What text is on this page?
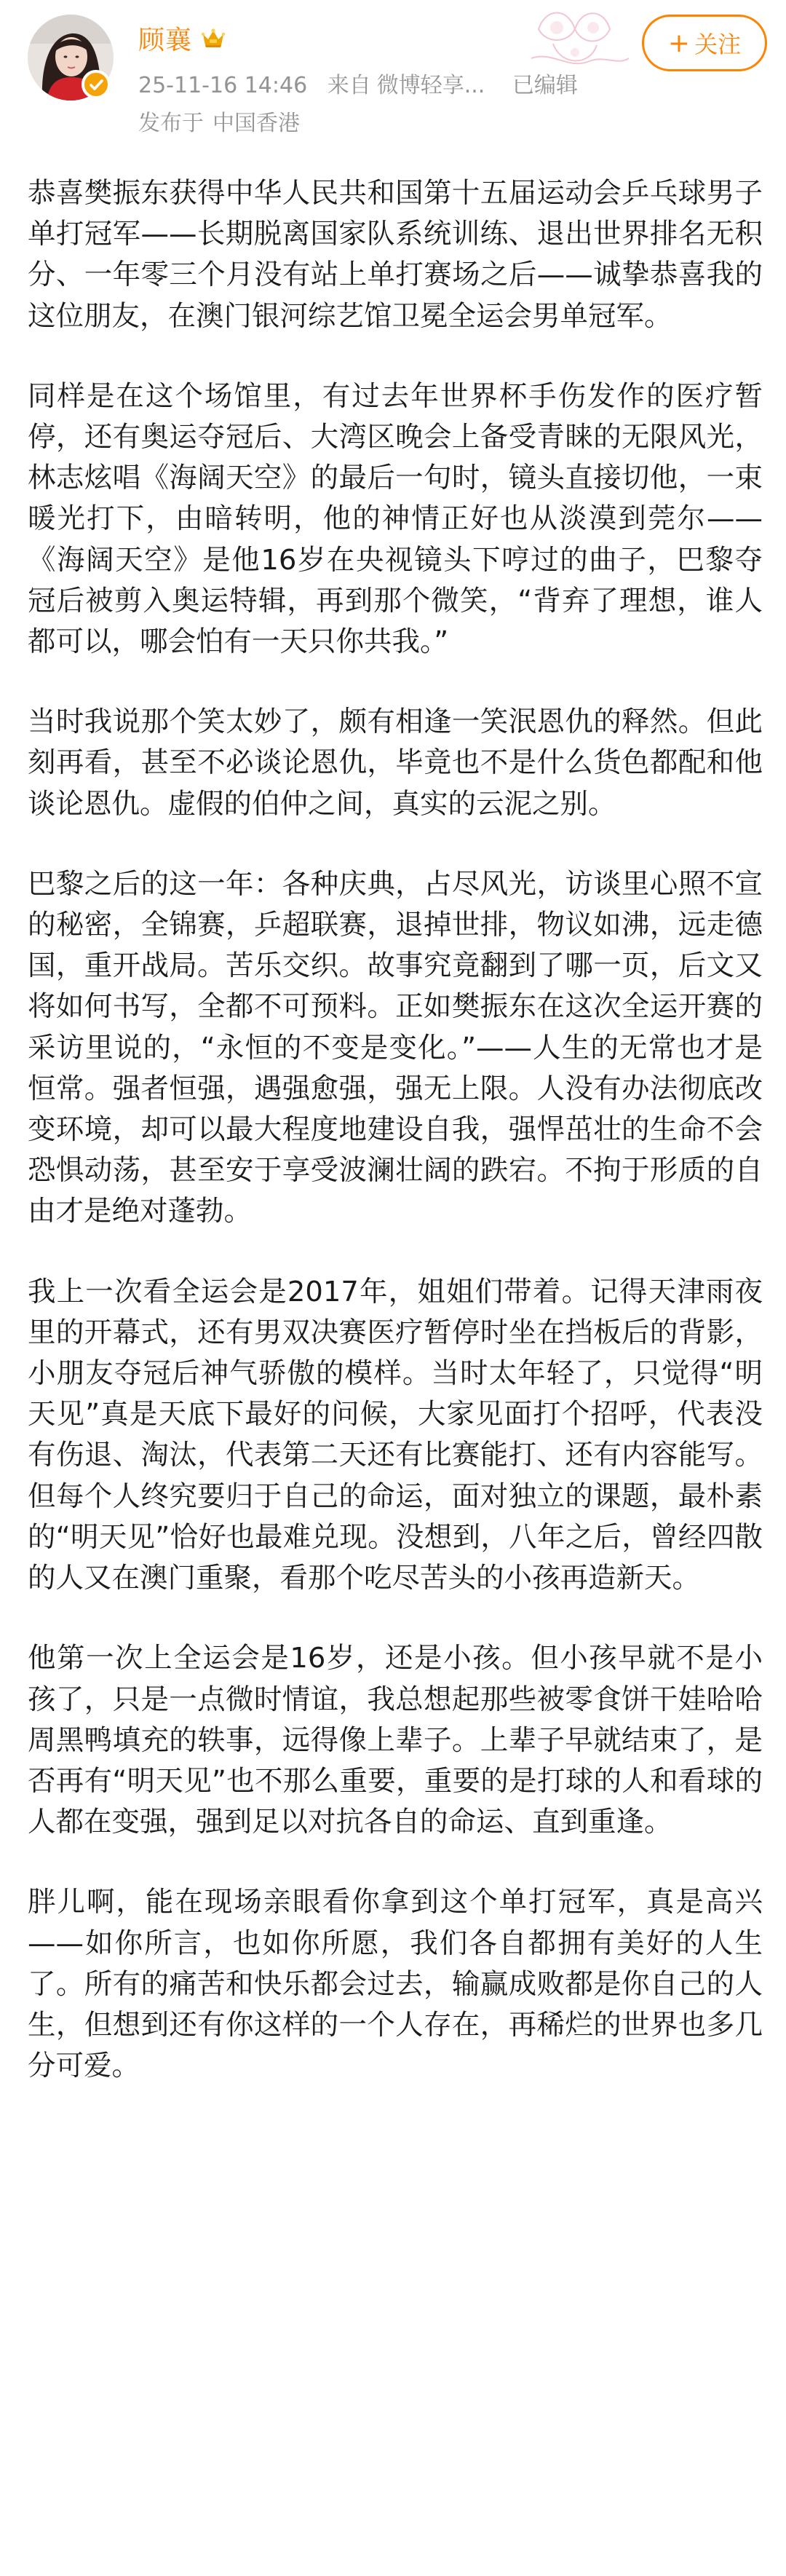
顾襄
25-11-16 14:46 来自 微博轻享... 已编辑
发布于 中国香港
+ 关注

恭喜樊振东获得中华人民共和国第十五届运动会乒乓球男子单打冠军——长期脱离国家队系统训练、退出世界排名无积分、一年零三个月没有站上单打赛场之后——诚挚恭喜我的这位朋友，在澳门银河综艺馆卫冕全运会男单冠军。

同样是在这个场馆里，有过去年世界杯手伤发作的医疗暂停，还有奥运夺冠后、大湾区晚会上备受青睐的无限风光，林志炫唱《海阔天空》的最后一句时，镜头直接切他，一束暖光打下，由暗转明，他的神情正好也从淡漠到莞尔——《海阔天空》是他16岁在央视镜头下哼过的曲子，巴黎夺冠后被剪入奥运特辑，再到那个微笑，“背弃了理想，谁人都可以，哪会怕有一天只你共我。”

当时我说那个笑太妙了，颇有相逢一笑泯恩仇的释然。但此刻再看，甚至不必谈论恩仇，毕竟也不是什么货色都配和他谈论恩仇。虚假的伯仲之间，真实的云泥之别。

巴黎之后的这一年：各种庆典，占尽风光，访谈里心照不宣的秘密，全锦赛，乒超联赛，退掉世排，物议如沸，远走德国，重开战局。苦乐交织。故事究竟翻到了哪一页，后文又将如何书写，全都不可预料。正如樊振东在这次全运开赛的采访里说的，“永恒的不变是变化。”——人生的无常也才是恒常。强者恒强，遇强愈强，强无上限。人没有办法彻底改变环境，却可以最大程度地建设自我，强悍茁壮的生命不会恐惧动荡，甚至安于享受波澜壮阔的跌宕。不拘于形质的自由才是绝对蓬勃。

我上一次看全运会是2017年，姐姐们带着。记得天津雨夜里的开幕式，还有男双决赛医疗暂停时坐在挡板后的背影，小朋友夺冠后神气骄傲的模样。当时太年轻了，只觉得“明天见”真是天底下最好的问候，大家见面打个招呼，代表没有伤退、淘汰，代表第二天还有比赛能打、还有内容能写。但每个人终究要归于自己的命运，面对独立的课题，最朴素的“明天见”恰好也最难兑现。没想到，八年之后，曾经四散的人又在澳门重聚，看那个吃尽苦头的小孩再造新天。

他第一次上全运会是16岁，还是小孩。但小孩早就不是小孩了，只是一点微时情谊，我总想起那些被零食饼干娃哈哈周黑鸭填充的轶事，远得像上辈子。上辈子早就结束了，是否再有“明天见”也不那么重要，重要的是打球的人和看球的人都在变强，强到足以对抗各自的命运、直到重逢。

胖儿啊，能在现场亲眼看你拿到这个单打冠军，真是高兴——如你所言，也如你所愿，我们各自都拥有美好的人生了。所有的痛苦和快乐都会过去，输赢成败都是你自己的人生，但想到还有你这样的一个人存在，再稀烂的世界也多几分可爱。
